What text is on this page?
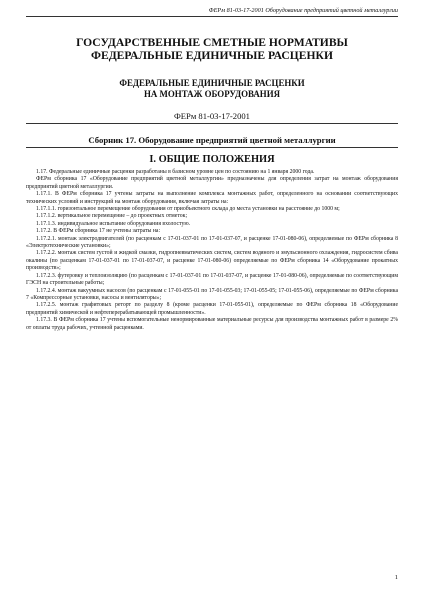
ФЕРм 81-03-17-2001 Оборудование предприятий цветной металлургии
ГОСУДАРСТВЕННЫЕ СМЕТНЫЕ НОРМАТИВЫ
ФЕДЕРАЛЬНЫЕ ЕДИНИЧНЫЕ РАСЦЕНКИ
ФЕДЕРАЛЬНЫЕ ЕДИНИЧНЫЕ РАСЦЕНКИ
НА МОНТАЖ ОБОРУДОВАНИЯ
ФЕРм 81-03-17-2001
Сборник 17. Оборудование предприятий цветной металлургии
I. ОБЩИЕ ПОЛОЖЕНИЯ

1.17. Федеральные единичные расценки разработаны в базисном уровне цен по состоянию на 1 января 2000 года.

ФЕРм сборника 17 «Оборудование предприятий цветной металлургии» предназначены для определения затрат на монтаж оборудования предприятий цветной металлургии.

1.17.1. В ФЕРм сборника 17 учтены затраты на выполнение комплекса монтажных работ, определенного на основании соответствующих технических условий и инструкций на монтаж оборудования, включая затраты на:

1.17.1.1. горизонтальное перемещение оборудования от приобъектного склада до места установки на расстояние до 1000 м;

1.17.1.2. вертикальное перемещение – до проектных отметок;

1.17.1.3. индивидуальное испытание оборудования вхолостую.

1.17.2. В ФЕРм сборника 17 не учтены затраты на:

1.17.2.1. монтаж электродвигателей (по расценкам с 17-01-037-01 по 17-01-037-07, и расценке 17-01-080-06), определяемые по ФЕРм сборника 8 «Электротехнические установки»;

1.17.2.2. монтаж систем густой и жидкой смазки, гидропневматических систем, систем водяного и эмульсионного охлаждения, гидросистем сбива окалины (по расценкам 17-01-037-01 по 17-01-037-07, и расценке 17-01-080-06) определяемые по ФЕРм сборника 14 «Оборудование прокатных производств»;

1.17.2.3. футеровку и теплоизоляцию (по расценкам с 17-01-037-01 по 17-01-037-07, и расценке 17-01-080-06), определяемые по соответствующим ГЭСН на строительные работы;

1.17.2.4. монтаж вакуумных насосов (по расценкам с 17-01-055-01 по 17-01-055-03; 17-01-055-05; 17-01-055-06), определяемые по ФЕРм сборника 7 «Компрессорные установки, насосы и вентиляторы»;

1.17.2.5. монтаж графитовых реторт по разделу 8 (кроме расценки 17-01-055-01), определяемые по ФЕРм сборника 18 «Оборудование предприятий химической и нефтеперерабатывающей промышленности».

1.17.3. В ФЕРм сборника 17 учтены вспомогательные ненормированные материальные ресурсы для производства монтажных работ в размере 2% от оплаты труда рабочих, учтенной расценками.

1
